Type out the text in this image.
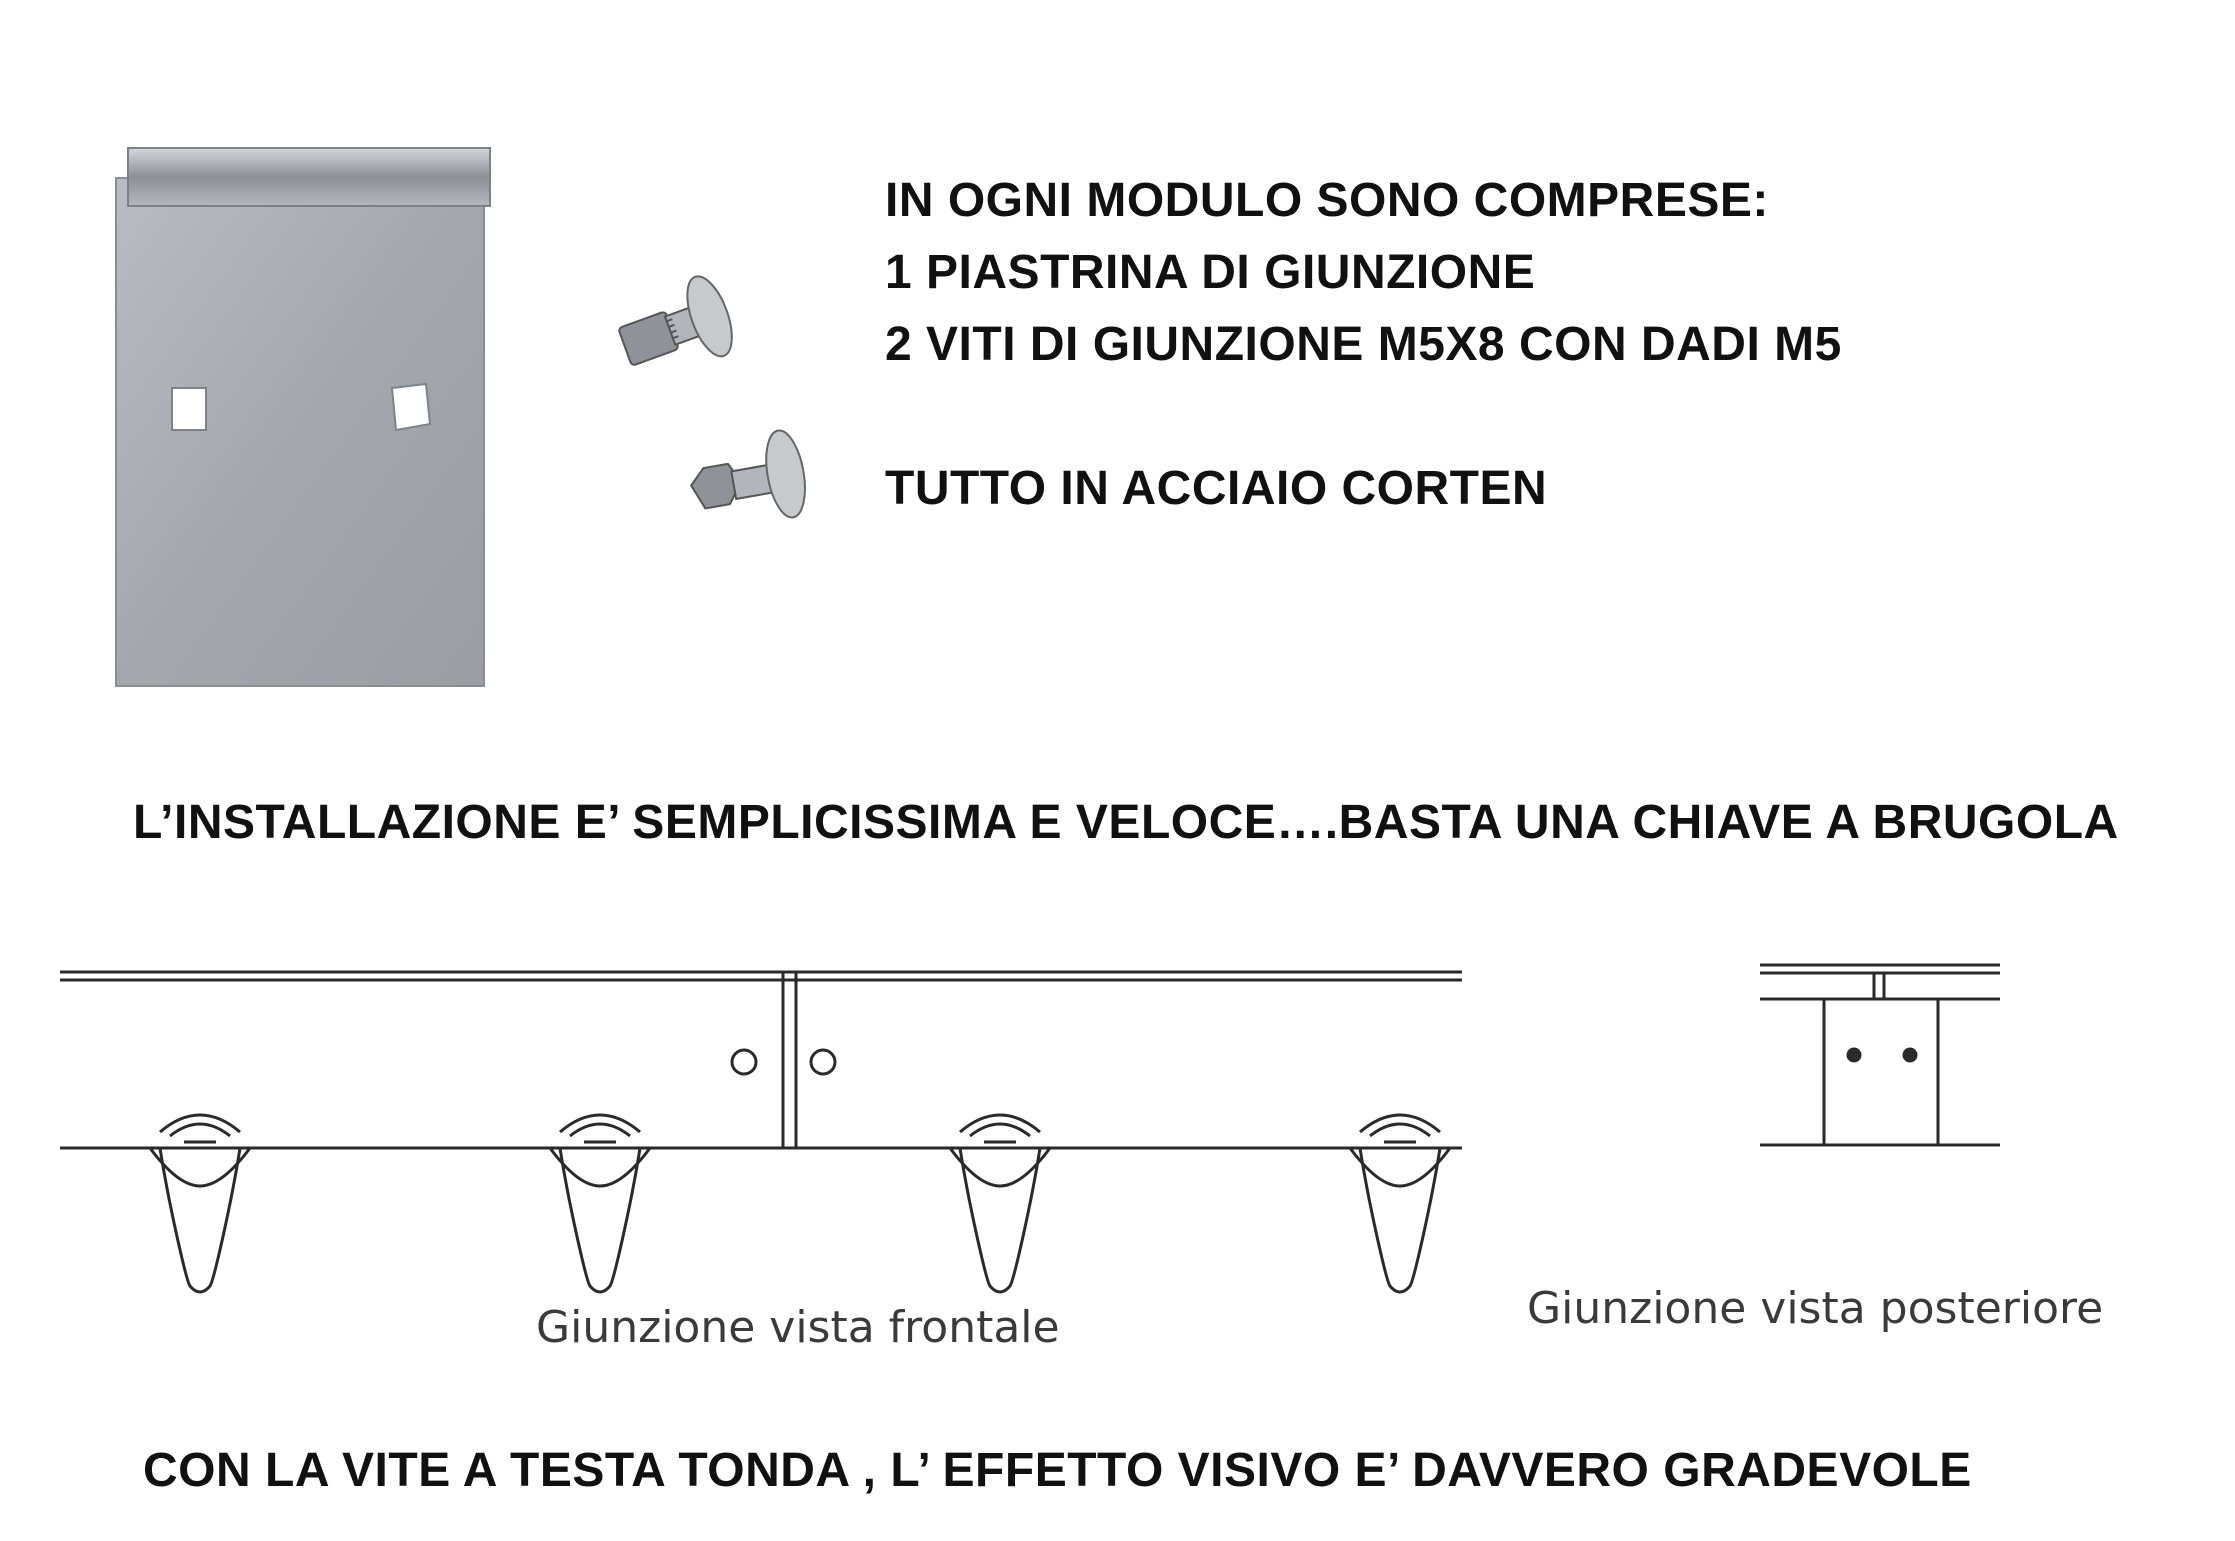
IN OGNI MODULO SONO COMPRESE:
1 PIASTRINA DI GIUNZIONE
2 VITI DI GIUNZIONE M5X8 CON DADI M5
TUTTO IN ACCIAIO CORTEN
L’INSTALLAZIONE E’ SEMPLICISSIMA E VELOCE….BASTA UNA CHIAVE A BRUGOLA
Giunzione vista frontale	Giunzione vista posteriore
CON LA VITE A TESTA TONDA , L’ EFFETTO VISIVO E’ DAVVERO GRADEVOLE
